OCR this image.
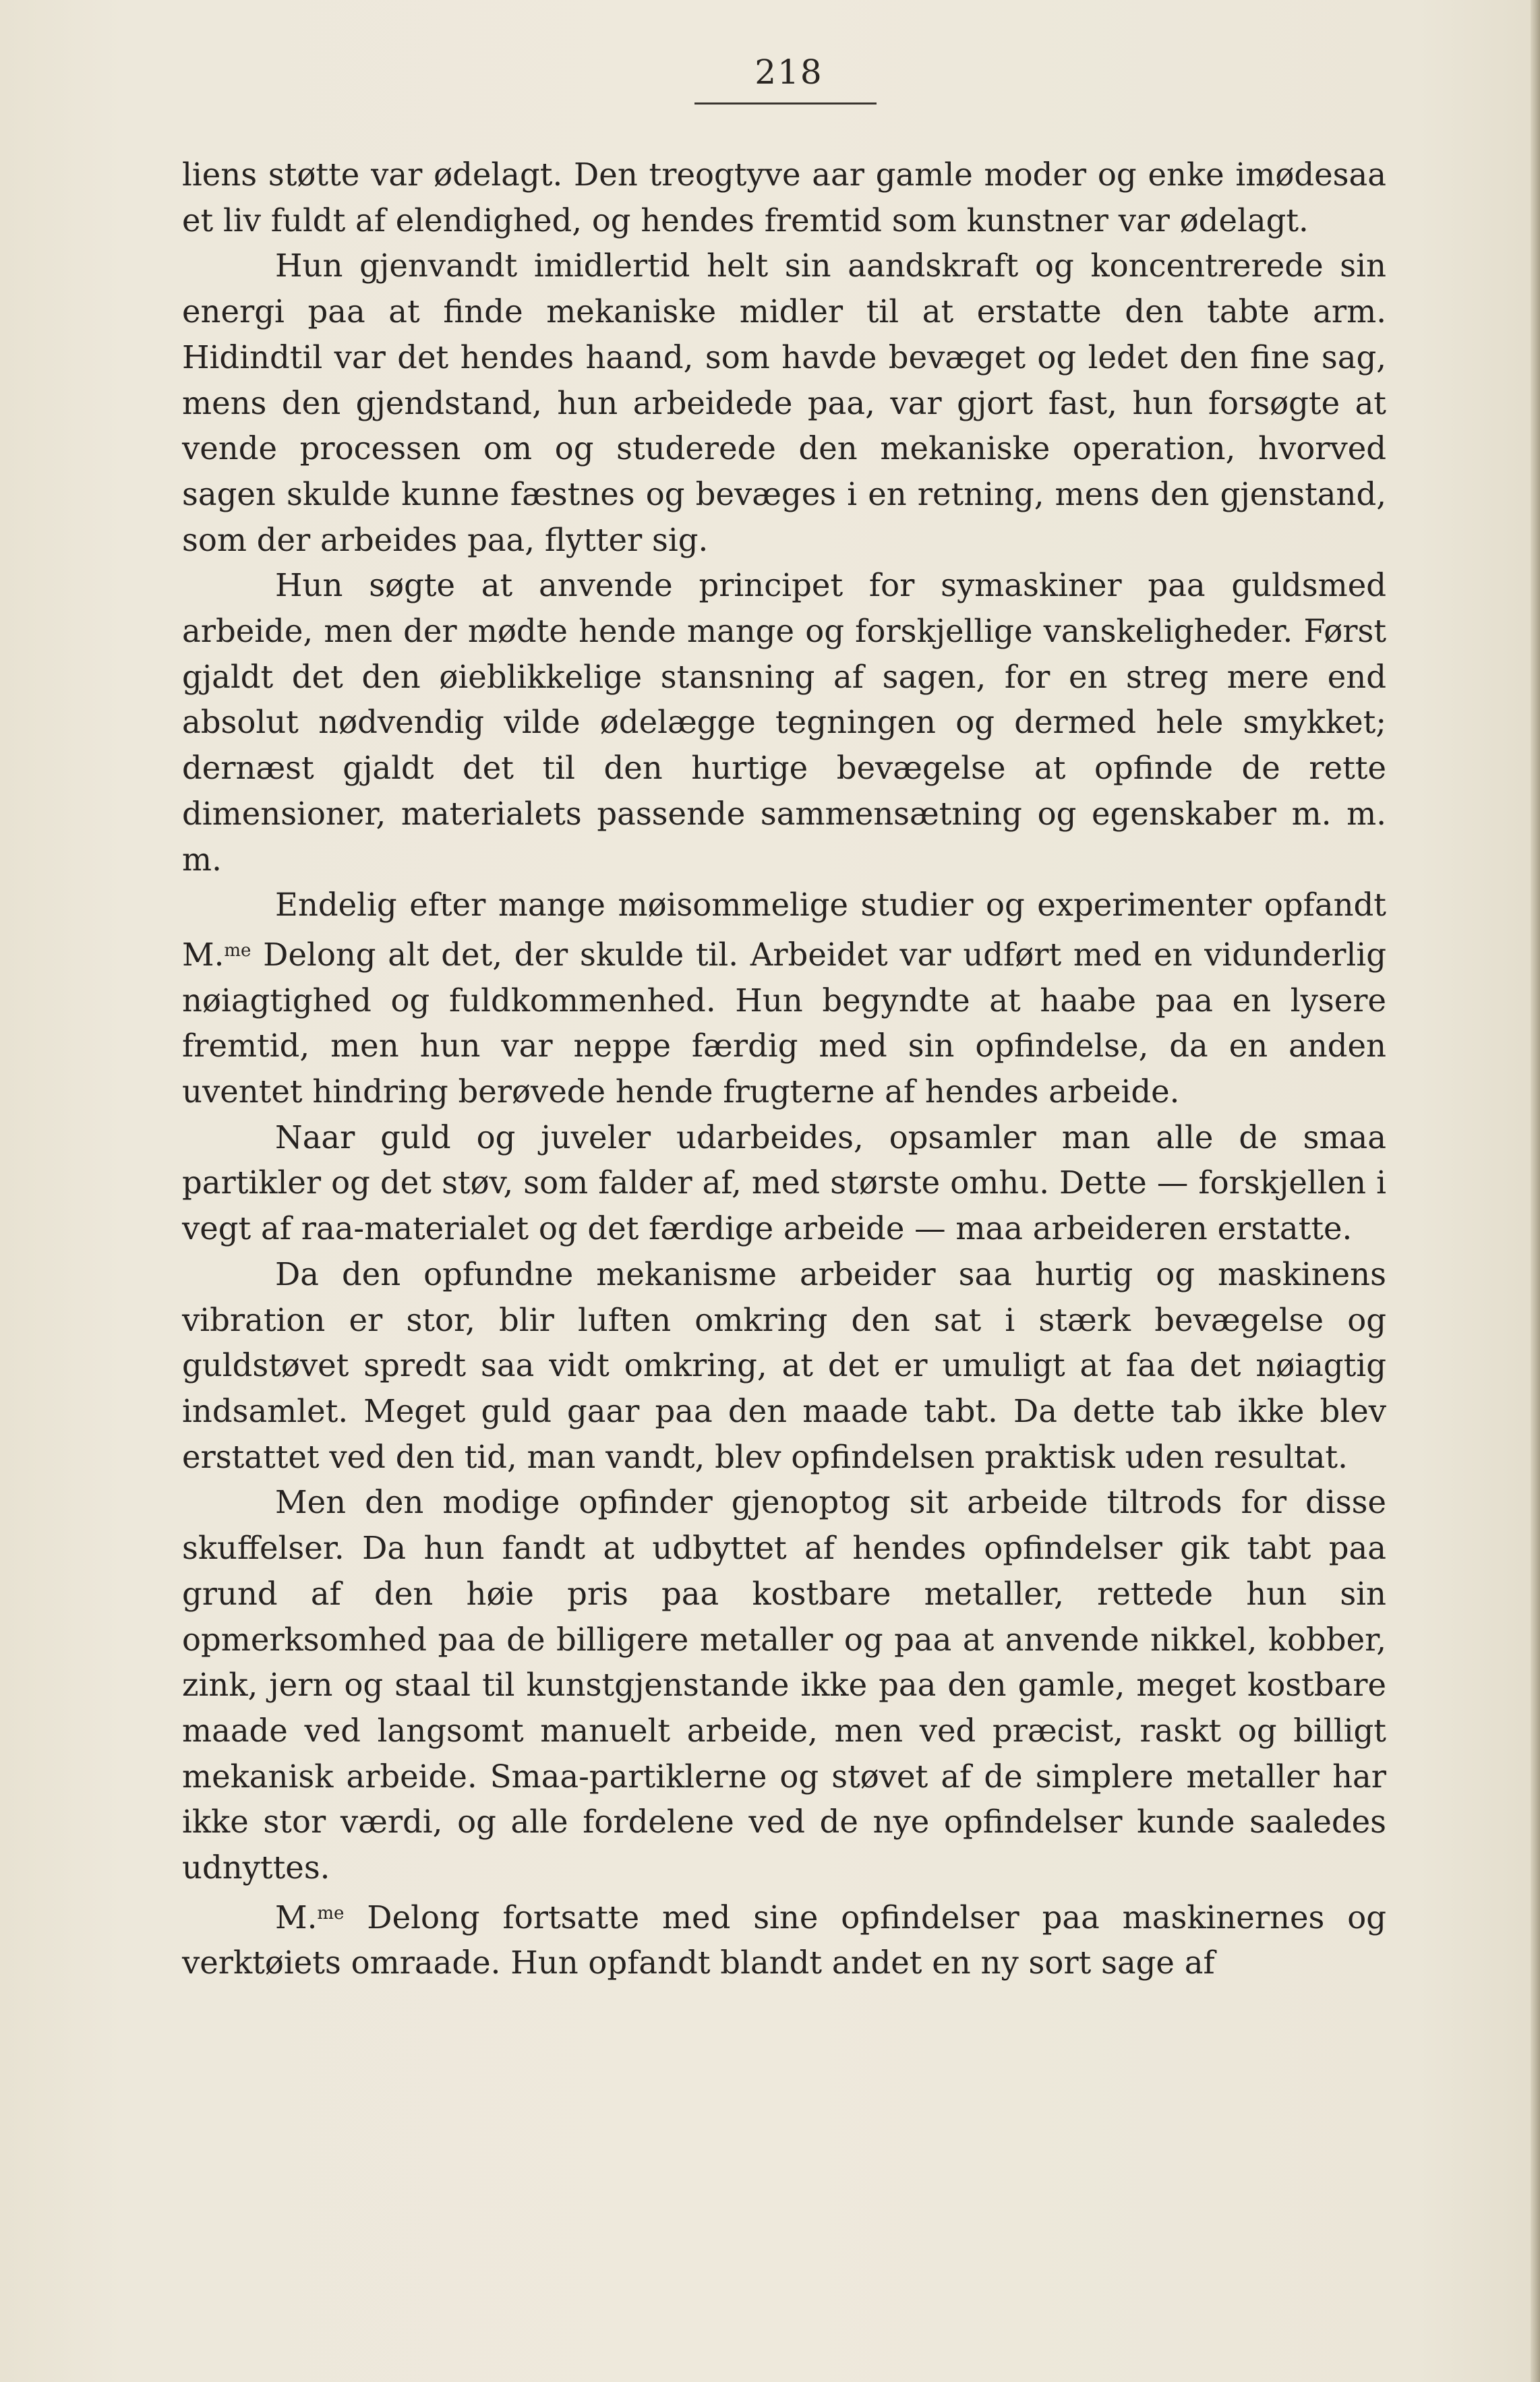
218

liens støtte var ødelagt. Den treogtyve aar gamle moder og enke imødesaa et liv fuldt af elendighed, og hendes fremtid som kunstner var ødelagt.

Hun gjenvandt imidlertid helt sin aandskraft og koncentrerede sin energi paa at finde mekaniske midler til at erstatte den tabte arm. Hidindtil var det hendes haand, som havde bevæget og ledet den fine sag, mens den gjendstand, hun arbeidede paa, var gjort fast, hun forsøgte at vende processen om og studerede den mekaniske operation, hvorved sagen skulde kunne fæstnes og bevæges i en retning, mens den gjenstand, som der arbeides paa, flytter sig.

Hun søgte at anvende principet for symaskiner paa guldsmed arbeide, men der mødte hende mange og forskjellige vanskeligheder. Først gjaldt det den øieblikkelige stansning af sagen, for en streg mere end absolut nødvendig vilde ødelægge tegningen og dermed hele smykket; dernæst gjaldt det til den hurtige bevægelse at opfinde de rette dimensioner, materialets passende sammensætning og egenskaber m. m. m.

Endelig efter mange møisommelige studier og experimenter opfandt M.$^{me}$ Delong alt det, der skulde til. Arbeidet var udført med en vidunderlig nøiagtighed og fuldkommenhed. Hun begyndte at haabe paa en lysere fremtid, men hun var neppe færdig med sin opfindelse, da en anden uventet hindring berøvede hende frugterne af hendes arbeide.

Naar guld og juveler udarbeides, opsamler man alle de smaa partikler og det støv, som falder af, med største omhu. Dette — forskjellen i vegt af raa-materialet og det færdige arbeide — maa arbeideren erstatte.

Da den opfundne mekanisme arbeider saa hurtig og maskinens vibration er stor, blir luften omkring den sat i stærk bevægelse og guldstøvet spredt saa vidt omkring, at det er umuligt at faa det nøiagtig indsamlet. Meget guld gaar paa den maade tabt. Da dette tab ikke blev erstattet ved den tid, man vandt, blev opfindelsen praktisk uden resultat.

Men den modige opfinder gjenoptog sit arbeide tiltrods for disse skuffelser. Da hun fandt at udbyttet af hendes opfindelser gik tabt paa grund af den høie pris paa kostbare metaller, rettede hun sin opmerksomhed paa de billigere metaller og paa at anvende nikkel, kobber, zink, jern og staal til kunstgjenstande ikke paa den gamle, meget kostbare maade ved langsomt manuelt arbeide, men ved præcist, raskt og billigt mekanisk arbeide. Smaa-partiklerne og støvet af de simplere metaller har ikke stor værdi, og alle fordelene ved de nye opfindelser kunde saaledes udnyttes.

M.$^{me}$ Delong fortsatte med sine opfindelser paa maskinernes og verktøiets omraade. Hun opfandt blandt andet en ny sort sage af
